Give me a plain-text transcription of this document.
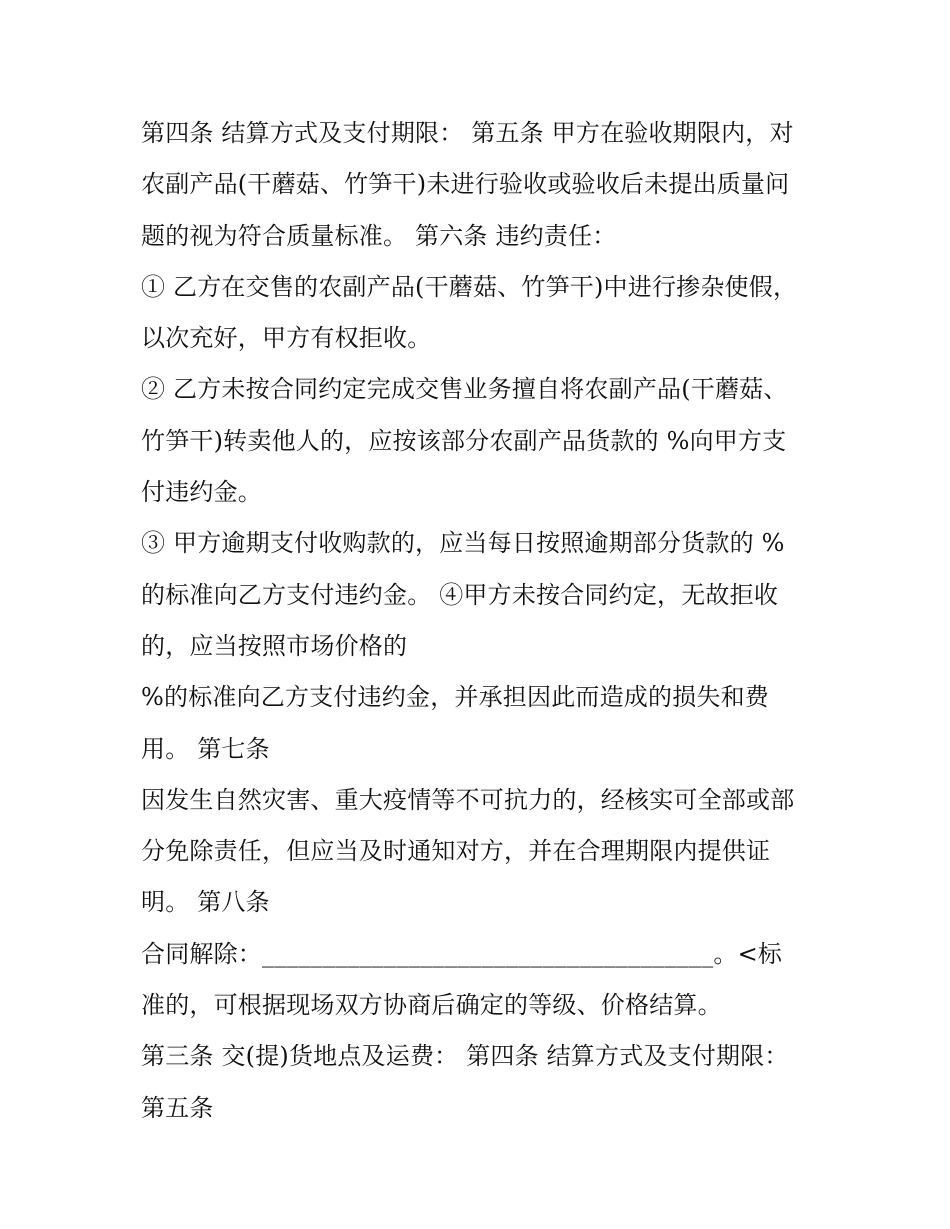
第四条 结算方式及支付期限： 第五条 甲方在验收期限内，对
农副产品(干蘑菇、竹笋干)未进行验收或验收后未提出质量问
题的视为符合质量标准。 第六条 违约责任：
① 乙方在交售的农副产品(干蘑菇、竹笋干)中进行掺杂使假，
以次充好，甲方有权拒收。
② 乙方未按合同约定完成交售业务擅自将农副产品(干蘑菇、
竹笋干)转卖他人的，应按该部分农副产品货款的 %向甲方支
付违约金。
③ 甲方逾期支付收购款的，应当每日按照逾期部分货款的 %
的标准向乙方支付违约金。 ④甲方未按合同约定，无故拒收
的，应当按照市场价格的
%的标准向乙方支付违约金，并承担因此而造成的损失和费
用。 第七条
因发生自然灾害、重大疫情等不可抗力的，经核实可全部或部
分免除责任，但应当及时通知对方，并在合理期限内提供证
明。 第八条
合同解除：_____________________________________。<标
准的，可根据现场双方协商后确定的等级、价格结算。
第三条 交(提)货地点及运费： 第四条 结算方式及支付期限：
第五条
